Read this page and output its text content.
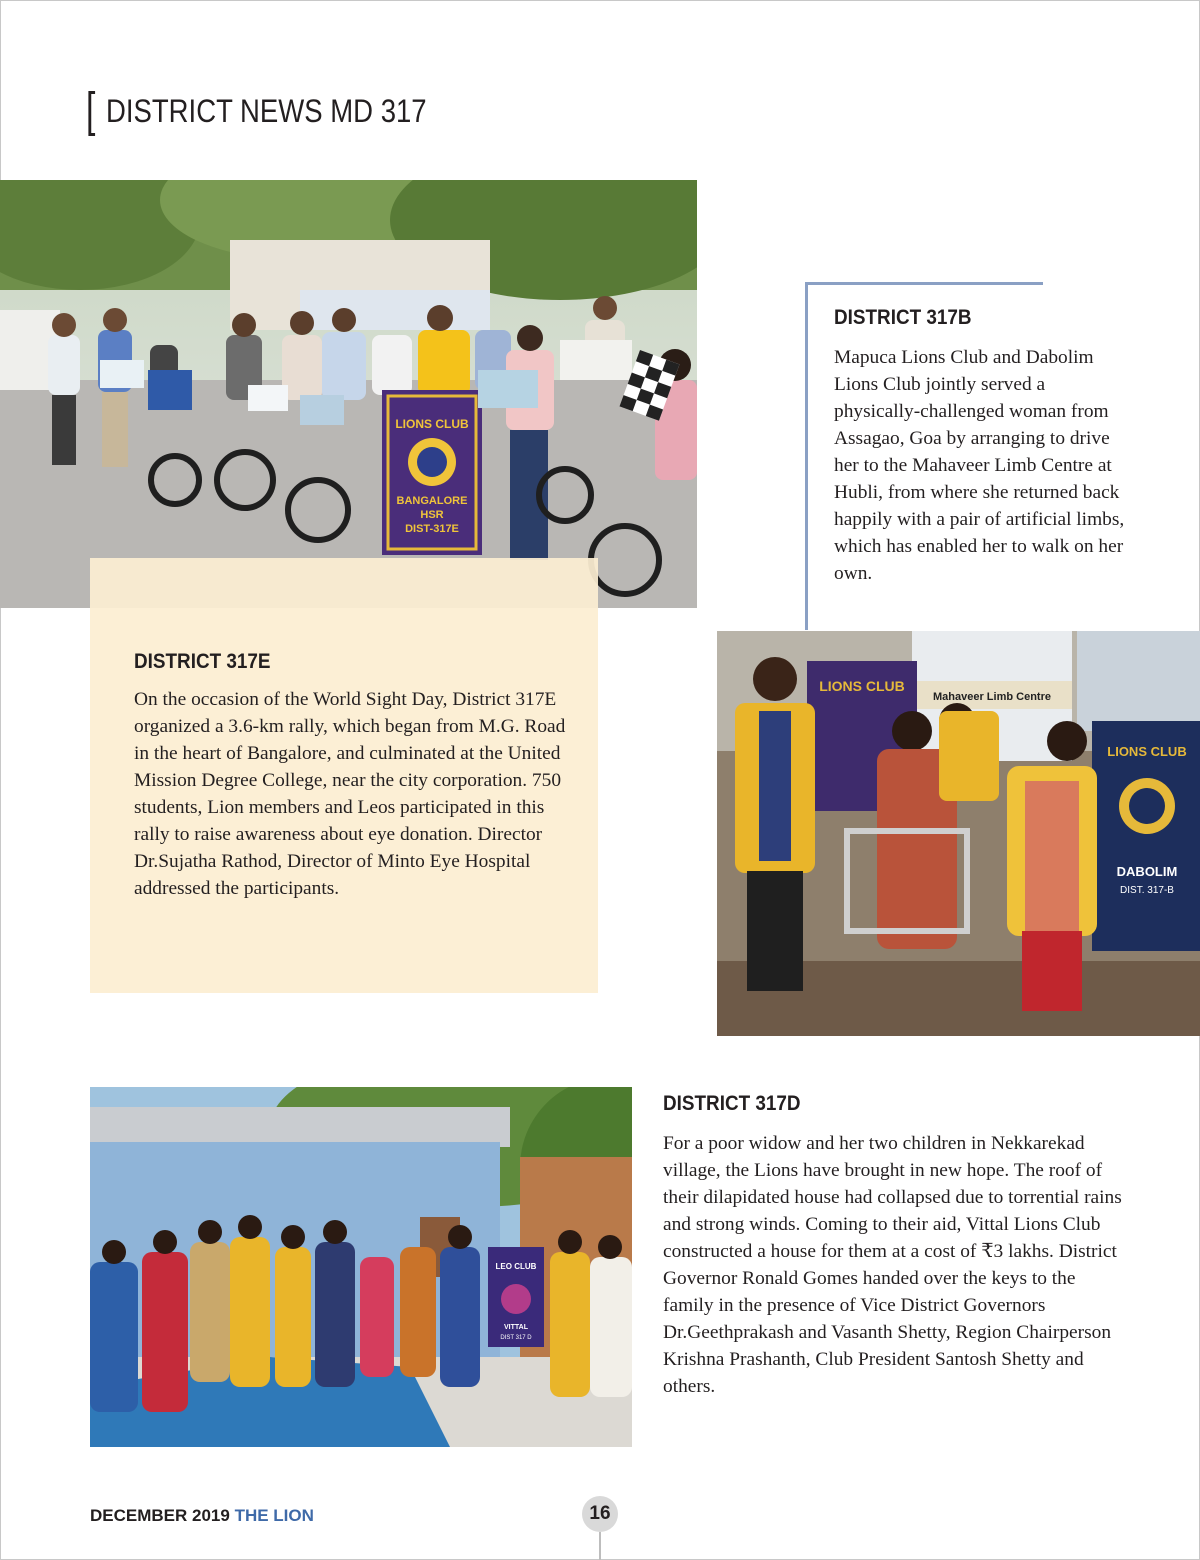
[ DISTRICT NEWS MD 317
LIONS CLUB
BANGALORE
HSR
DIST-317E
DISTRICT 317E

On the occasion of the World Sight Day, District 317E organized a 3.6-km rally, which began from M.G. Road in the heart of Bangalore, and culminated at the United Mission Degree College, near the city corporation. 750 students, Lion members and Leos participated in this rally to raise awareness about eye donation. Director Dr.Sujatha Rathod, Director of Minto Eye Hospital addressed the participants.

DISTRICT 317B

Mapuca Lions Club and Dabolim Lions Club jointly served a physically-challenged woman from Assagao, Goa by arranging to drive her to the Mahaveer Limb Centre at Hubli, from where she returned back happily with a pair of artificial limbs, which has enabled her to walk on her own.

Mahaveer Limb Centre
LIONS CLUB
LIONS CLUB
DABOLIM
DIST. 317-B
LEO CLUB
VITTAL
DIST 317 D
DISTRICT 317D

For a poor widow and her two children in Nekkarekad village, the Lions have brought in new hope. The roof of their dilapidated house had collapsed due to torrential rains and strong winds. Coming to their aid, Vittal Lions Club constructed a house for them at a cost of ₹3 lakhs. District Governor Ronald Gomes handed over the keys to the family in the presence of Vice District Governors Dr.Geethprakash and Vasanth Shetty, Region Chairperson Krishna Prashanth, Club President Santosh Shetty and others.

DECEMBER 2019 THE LION	16
